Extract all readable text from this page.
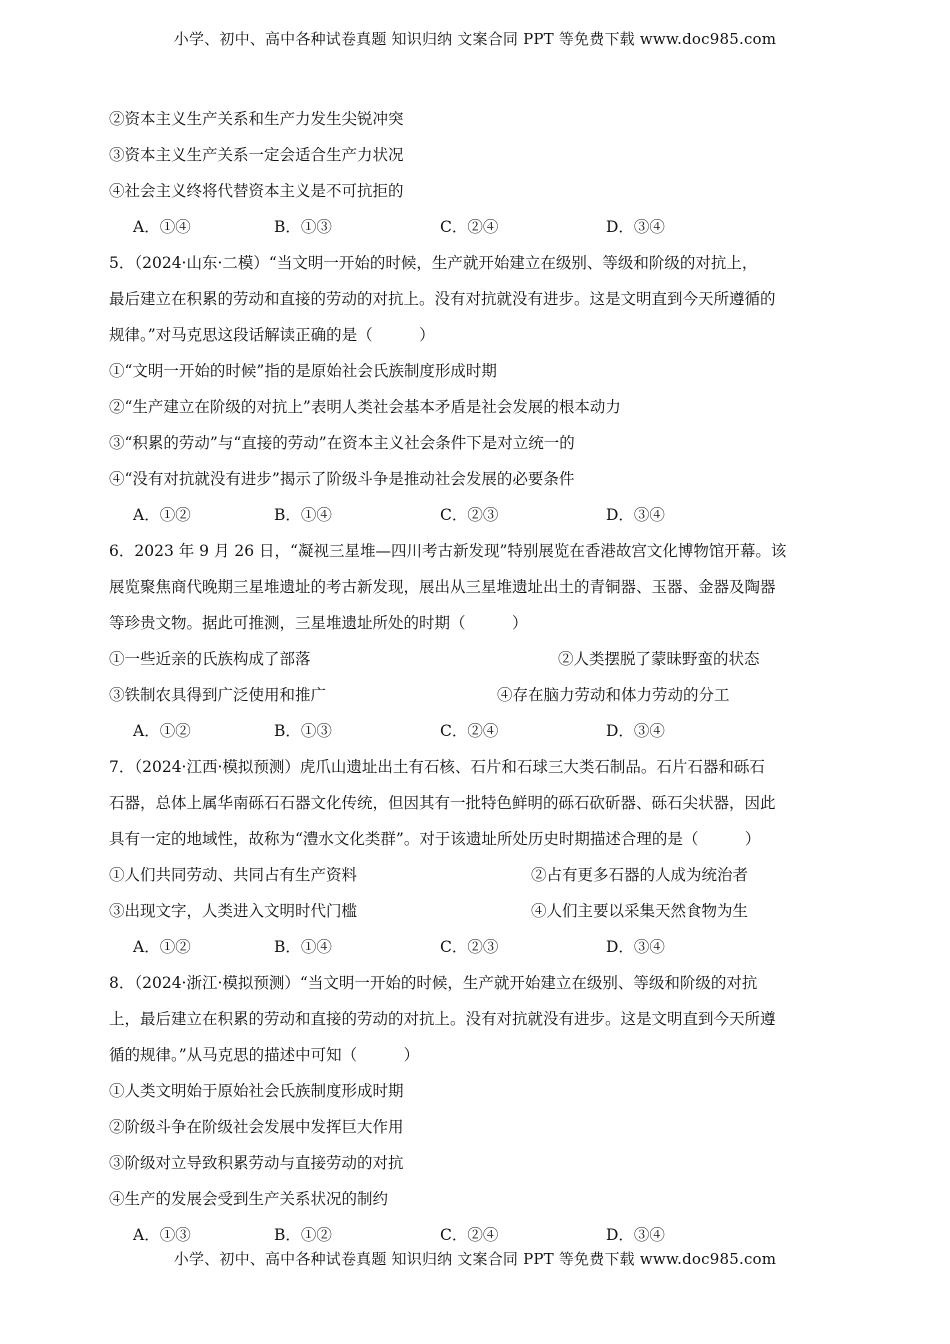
小学、初中、高中各种试卷真题 知识归纳 文案合同 PPT 等免费下载 www.doc985.com
②资本主义生产关系和生产力发生尖锐冲突
③资本主义生产关系一定会适合生产力状况
④社会主义终将代替资本主义是不可抗拒的
A．①④	B．①③	C．②④	D．③④
5．（2024·山东·二模）“当文明一开始的时候，生产就开始建立在级别、等级和阶级的对抗上，
最后建立在积累的劳动和直接的劳动的对抗上。没有对抗就没有进步。这是文明直到今天所遵循的
规律。”对马克思这段话解读正确的是（　　　）
①“文明一开始的时候”指的是原始社会氏族制度形成时期
②“生产建立在阶级的对抗上”表明人类社会基本矛盾是社会发展的根本动力
③“积累的劳动”与“直接的劳动”在资本主义社会条件下是对立统一的
④“没有对抗就没有进步”揭示了阶级斗争是推动社会发展的必要条件
A．①②	B．①④	C．②③	D．③④
6．2023 年 9 月 26 日，“凝视三星堆—四川考古新发现”特别展览在香港故宫文化博物馆开幕。该
展览聚焦商代晚期三星堆遗址的考古新发现，展出从三星堆遗址出土的青铜器、玉器、金器及陶器
等珍贵文物。据此可推测，三星堆遗址所处的时期（　　　）
①一些近亲的氏族构成了部落	②人类摆脱了蒙昧野蛮的状态
③铁制农具得到广泛使用和推广	④存在脑力劳动和体力劳动的分工
A．①②	B．①③	C．②④	D．③④
7．（2024·江西·模拟预测）虎爪山遗址出土有石核、石片和石球三大类石制品。石片石器和砾石
石器，总体上属华南砾石石器文化传统，但因其有一批特色鲜明的砾石砍斫器、砾石尖状器，因此
具有一定的地域性，故称为“澧水文化类群”。对于该遗址所处历史时期描述合理的是（　　　）
①人们共同劳动、共同占有生产资料	②占有更多石器的人成为统治者
③出现文字，人类进入文明时代门槛	④人们主要以采集天然食物为生
A．①②	B．①④	C．②③	D．③④
8．（2024·浙江·模拟预测）“当文明一开始的时候，生产就开始建立在级别、等级和阶级的对抗
上，最后建立在积累的劳动和直接的劳动的对抗上。没有对抗就没有进步。这是文明直到今天所遵
循的规律。”从马克思的描述中可知（　　　）
①人类文明始于原始社会氏族制度形成时期
②阶级斗争在阶级社会发展中发挥巨大作用
③阶级对立导致积累劳动与直接劳动的对抗
④生产的发展会受到生产关系状况的制约
A．①③	B．①②	C．②④	D．③④
小学、初中、高中各种试卷真题 知识归纳 文案合同 PPT 等免费下载 www.doc985.com
